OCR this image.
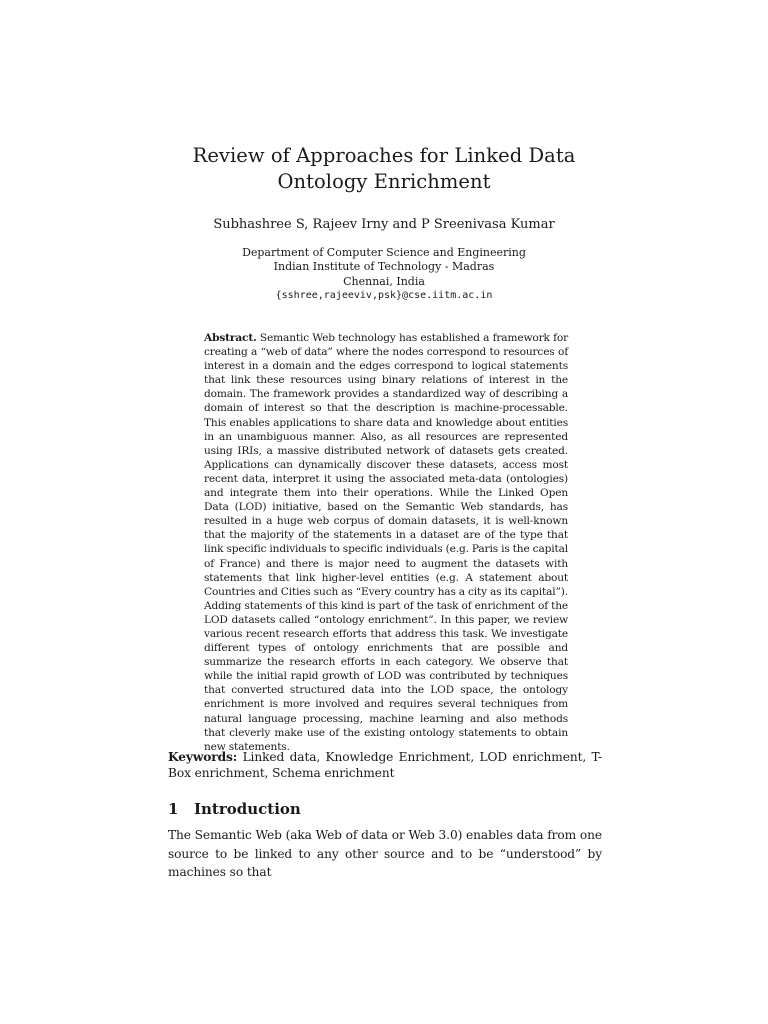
Review of Approaches for Linked Data Ontology Enrichment
Subhashree S, Rajeev Irny and P Sreenivasa Kumar
Department of Computer Science and Engineering
Indian Institute of Technology - Madras
Chennai, India
{sshree,rajeeviv,psk}@cse.iitm.ac.in
Abstract. Semantic Web technology has established a framework for creating a “web of data” where the nodes correspond to resources of interest in a domain and the edges correspond to logical statements that link these resources using binary relations of interest in the domain. The framework provides a standardized way of describing a domain of interest so that the description is machine-processable. This enables applications to share data and knowledge about entities in an unambiguous manner. Also, as all resources are represented using IRIs, a massive distributed network of datasets gets created. Applications can dynamically discover these datasets, access most recent data, interpret it using the associated meta-data (ontologies) and integrate them into their operations. While the Linked Open Data (LOD) initiative, based on the Semantic Web standards, has resulted in a huge web corpus of domain datasets, it is well-known that the majority of the statements in a dataset are of the type that link specific individuals to specific individuals (e.g. Paris is the capital of France) and there is major need to augment the datasets with statements that link higher-level entities (e.g. A statement about Countries and Cities such as “Every country has a city as its capital”). Adding statements of this kind is part of the task of enrichment of the LOD datasets called “ontology enrichment”. In this paper, we review various recent research efforts that address this task. We investigate different types of ontology enrichments that are possible and summarize the research efforts in each category. We observe that while the initial rapid growth of LOD was contributed by techniques that converted structured data into the LOD space, the ontology enrichment is more involved and requires several techniques from natural language processing, machine learning and also methods that cleverly make use of the existing ontology statements to obtain new statements.
Keywords: Linked data, Knowledge Enrichment, LOD enrichment, T-Box enrichment, Schema enrichment
1 Introduction
The Semantic Web (aka Web of data or Web 3.0) enables data from one source to be linked to any other source and to be “understood” by machines so that
